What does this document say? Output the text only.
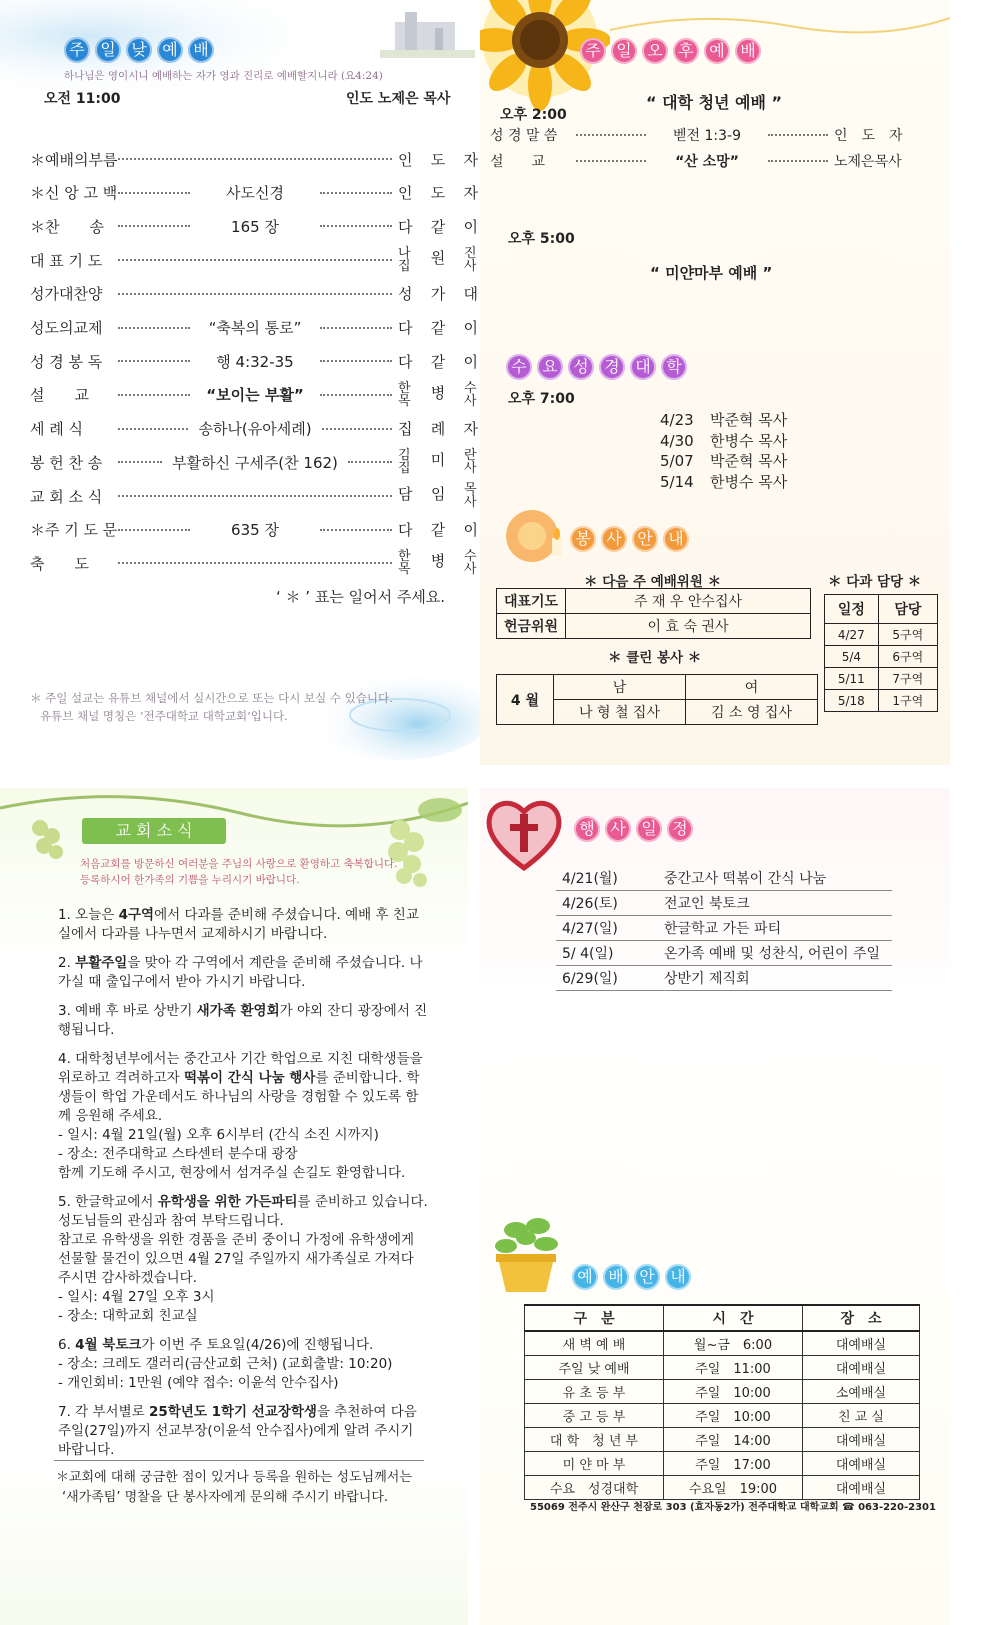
주 일 낮 예 배
하나님은 영이시니 예배하는 자가 영과 진리로 예배할지니라 (요4:24)
오전 11:00	인도 노제은 목사
＊예배의부름	인 도 자
＊신 앙 고 백	사도신경	인 도 자
＊찬　　송	165 장	다 같 이
대 표 기 도	나집 원 진사
성가대찬양	성 가 대
성도의교제	“축복의 통로”	다 같 이
성 경 봉 독	행 4:32-35	다 같 이
설　　교	“보이는 부활”	한목 병 수사
세 례 식	송하나(유아세례)	집 례 자
봉 헌 찬 송	부활하신 구세주(찬 162)	김집 미 란사
교 회 소 식	담 임 목사
＊주 기 도 문	635 장	다 같 이
축　　도	한목 병 수사
‘ ＊ ’ 표는 일어서 주세요.
＊ 주일 설교는 유튜브 채널에서 실시간으로 또는 다시 보실 수 있습니다.
유튜브 채널 명칭은 ‘전주대학교 대학교회’입니다.
주 일 오 후 예 배
오후 2:00
“ 대학 청년 예배 ”
성 경 말 씀	벧전 1:3-9	인　도　자
설　　교	“산 소망”	노제은목사
오후 5:00
“ 미얀마부 예배 ”
수 요 성 경 대 학
오후 7:00
4/23 박준혁 목사
4/30 한병수 목사
5/07 박준혁 목사
5/14 한병수 목사
봉 사 안 내
＊ 다음 주 예배위원 ＊
대표기도	주 재 우 안수집사
헌금위원	이 효 숙 권사
＊ 클린 봉사 ＊
4 월	남	여
	나 형 철 집사	김 소 영 집사
＊ 다과 담당 ＊
일정	담당
4/27	5구역
5/4	6구역
5/11	7구역
5/18	1구역
교 회 소 식
처음교회를 방문하신 여러분을 주님의 사랑으로 환영하고 축복합니다.
등록하시어 한가족의 기쁨을 누리시기 바랍니다.

1. 오늘은 4구역에서 다과를 준비해 주셨습니다. 예배 후 친교실에서 다과를 나누면서 교제하시기 바랍니다.

2. 부활주일을 맞아 각 구역에서 계란을 준비해 주셨습니다. 나가실 때 출입구에서 받아 가시기 바랍니다.

3. 예배 후 바로 상반기 새가족 환영회가 야외 잔디 광장에서 진행됩니다.

4. 대학청년부에서는 중간고사 기간 학업으로 지친 대학생들을 위로하고 격려하고자 떡볶이 간식 나눔 행사를 준비합니다. 학생들이 학업 가운데서도 하나님의 사랑을 경험할 수 있도록 함께 응원해 주세요.
- 일시: 4월 21일(월) 오후 6시부터 (간식 소진 시까지)
- 장소: 전주대학교 스타센터 분수대 광장
함께 기도해 주시고, 현장에서 섬겨주실 손길도 환영합니다.

5. 한글학교에서 유학생을 위한 가든파티를 준비하고 있습니다. 성도님들의 관심과 참여 부탁드립니다.
참고로 유학생을 위한 경품을 준비 중이니 가정에 유학생에게 선물할 물건이 있으면 4월 27일 주일까지 새가족실로 가져다 주시면 감사하겠습니다.
- 일시: 4월 27일 오후 3시
- 장소: 대학교회 친교실

6. 4월 북토크가 이번 주 토요일(4/26)에 진행됩니다.
- 장소: 크레도 갤러리(금산교회 근처) (교회출발: 10:20)
- 개인회비: 1만원 (예약 접수: 이윤석 안수집사)

7. 각 부서별로 25학년도 1학기 선교장학생을 추천하여 다음 주일(27일)까지 선교부장(이윤석 안수집사)에게 알려 주시기 바랍니다.

＊교회에 대해 궁금한 점이 있거나 등록을 원하는 성도님께서는
‘새가족팀’ 명찰을 단 봉사자에게 문의해 주시기 바랍니다.
행 사 일 정
4/21(월)	중간고사 떡볶이 간식 나눔
4/26(토)	전교인 북토크
4/27(일)	한글학교 가든 파티
5/ 4(일)	온가족 예배 및 성찬식, 어린이 주일
6/29(일)	상반기 제직회
예 배 안 내
구　분	시　간	장　소
새 벽 예 배	월~금　6:00	대예배실
주일 낮 예배	주일　11:00	대예배실
유 초 등 부	주일　10:00	소예배실
중 고 등 부	주일　10:00	친 교 실
대 학　청 년 부	주일　14:00	대예배실
미 얀 마 부	주일　17:00	대예배실
수요　성경대학	수요일　19:00	대예배실
55069 전주시 완산구 천잠로 303 (효자동2가) 전주대학교 대학교회 ☎ 063-220-2301
